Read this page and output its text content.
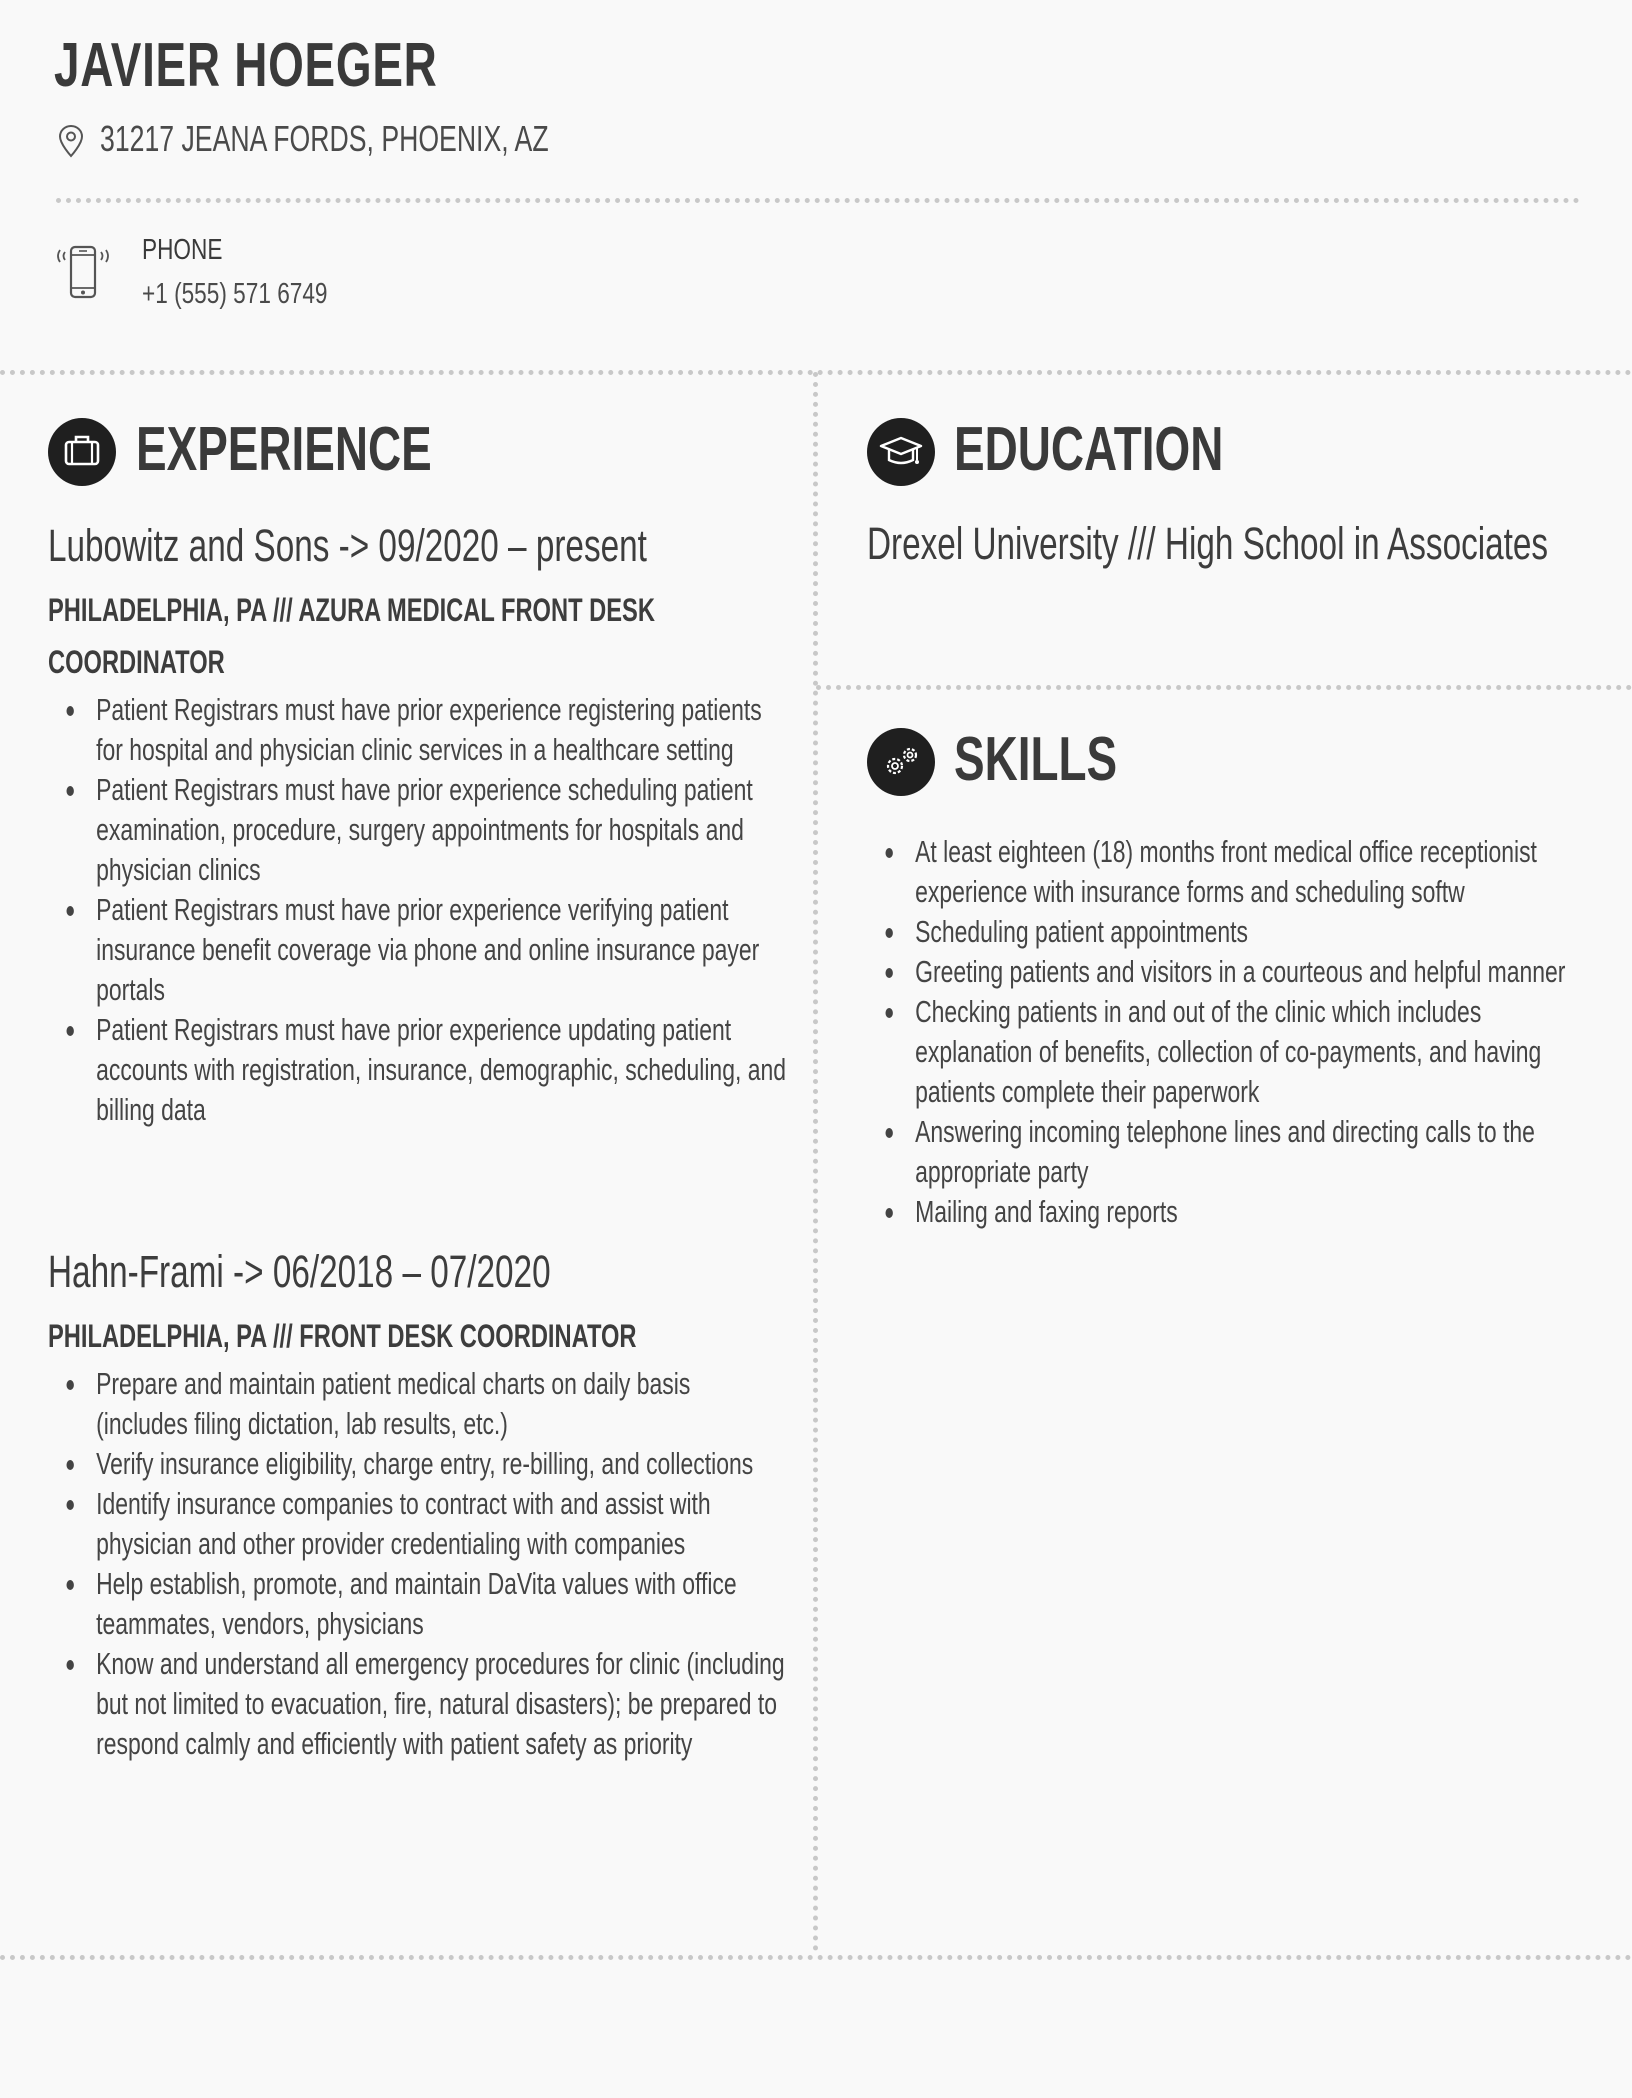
JAVIER HOEGER
31217 JEANA FORDS, PHOENIX, AZ
PHONE
+1 (555) 571 6749
EXPERIENCE
Lubowitz and Sons -> 09/2020 – present
PHILADELPHIA, PA /// AZURA MEDICAL FRONT DESK COORDINATOR
Patient Registrars must have prior experience registering patients for hospital and physician clinic services in a healthcare setting
Patient Registrars must have prior experience scheduling patient examination, procedure, surgery appointments for hospitals and physician clinics
Patient Registrars must have prior experience verifying patient insurance benefit coverage via phone and online insurance payer portals
Patient Registrars must have prior experience updating patient accounts with registration, insurance, demographic, scheduling, and billing data
Hahn-Frami -> 06/2018 – 07/2020
PHILADELPHIA, PA /// FRONT DESK COORDINATOR
Prepare and maintain patient medical charts on daily basis (includes filing dictation, lab results, etc.)
Verify insurance eligibility, charge entry, re-billing, and collections
Identify insurance companies to contract with and assist with physician and other provider credentialing with companies
Help establish, promote, and maintain DaVita values with office teammates, vendors, physicians
Know and understand all emergency procedures for clinic (including but not limited to evacuation, fire, natural disasters); be prepared to respond calmly and efficiently with patient safety as priority
EDUCATION
Drexel University /// High School in Associates
SKILLS
At least eighteen (18) months front medical office receptionist experience with insurance forms and scheduling softw
Scheduling patient appointments
Greeting patients and visitors in a courteous and helpful manner
Checking patients in and out of the clinic which includes explanation of benefits, collection of co-payments, and having patients complete their paperwork
Answering incoming telephone lines and directing calls to the appropriate party
Mailing and faxing reports
